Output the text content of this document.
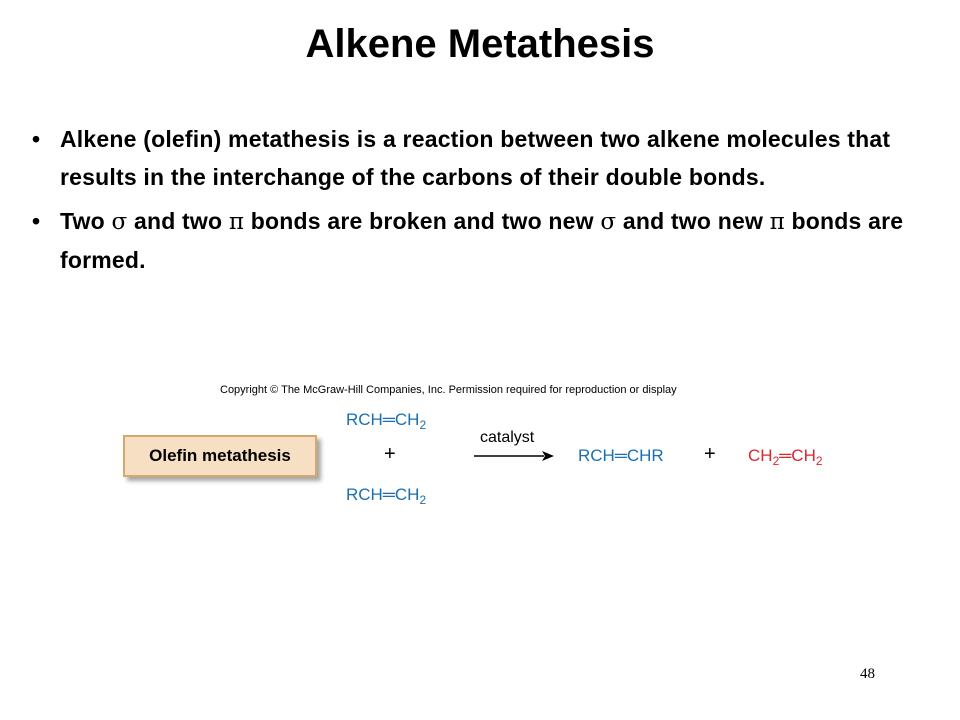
Alkene Metathesis
• Alkene (olefin) metathesis is a reaction between two alkene molecules that results in the interchange of the carbons of their double bonds.
• Two σ and two π bonds are broken and two new σ and two new π bonds are formed.
Copyright © The McGraw-Hill Companies, Inc. Permission required for reproduction or display
Olefin metathesis
$RCH═CH_2$
+
$RCH═CH_2$
catalyst
RCH═CHR + $CH_2═CH_2$
48
